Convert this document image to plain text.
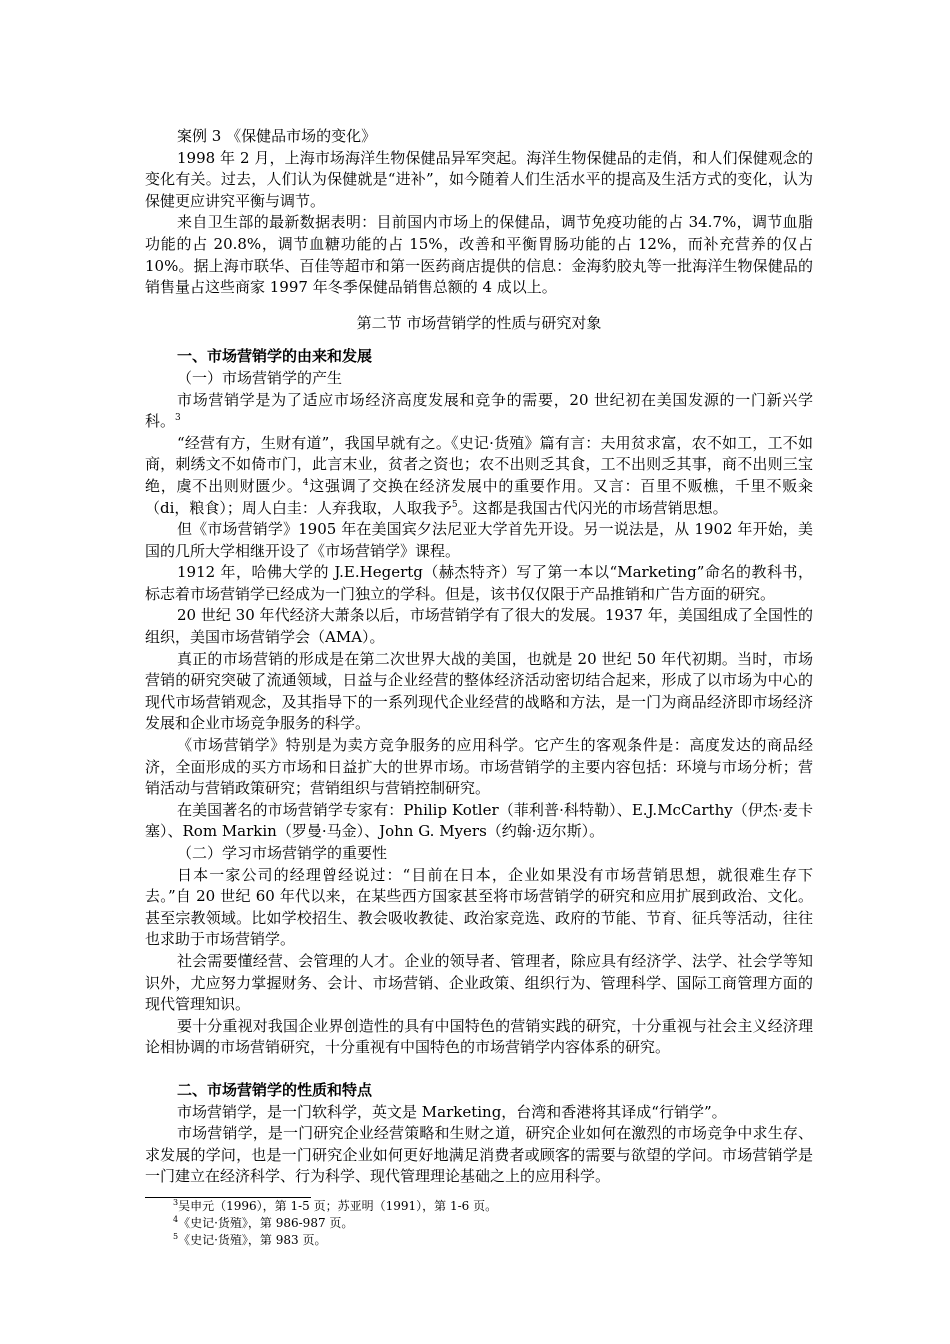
案例 3 《保健品市场的变化》

1998 年 2 月，上海市场海洋生物保健品异军突起。海洋生物保健品的走俏，和人们保健观念的变化有关。过去，人们认为保健就是“进补”，如今随着人们生活水平的提高及生活方式的变化，认为保健更应讲究平衡与调节。

来自卫生部的最新数据表明：目前国内市场上的保健品，调节免疫功能的占 34.7%，调节血脂功能的占 20.8%，调节血糖功能的占 15%，改善和平衡胃肠功能的占 12%，而补充营养的仅占 10%。据上海市联华、百佳等超市和第一医药商店提供的信息：金海豹胶丸等一批海洋生物保健品的销售量占这些商家 1997 年冬季保健品销售总额的 4 成以上。

第二节 市场营销学的性质与研究对象

一、市场营销学的由来和发展

（一）市场营销学的产生

市场营销学是为了适应市场经济高度发展和竞争的需要，20 世纪初在美国发源的一门新兴学科。$^3$

“经营有方，生财有道”，我国早就有之。《史记·货殖》篇有言：夫用贫求富，农不如工，工不如商，刺绣文不如倚市门，此言末业，贫者之资也；农不出则乏其食，工不出则乏其事，商不出则三宝绝，虞不出则财匮少。$^4$这强调了交换在经济发展中的重要作用。又言：百里不贩樵，千里不贩籴（di，粮食）；周人白圭：人弃我取，人取我予$^5$。这都是我国古代闪光的市场营销思想。

但《市场营销学》1905 年在美国宾夕法尼亚大学首先开设。另一说法是，从 1902 年开始，美国的几所大学相继开设了《市场营销学》课程。

1912 年，哈佛大学的 J.E.Hegertg（赫杰特齐）写了第一本以“Marketing”命名的教科书，标志着市场营销学已经成为一门独立的学科。但是，该书仅仅限于产品推销和广告方面的研究。

20 世纪 30 年代经济大萧条以后，市场营销学有了很大的发展。1937 年，美国组成了全国性的组织，美国市场营销学会（AMA）。

真正的市场营销的形成是在第二次世界大战的美国，也就是 20 世纪 50 年代初期。当时，市场营销的研究突破了流通领域，日益与企业经营的整体经济活动密切结合起来，形成了以市场为中心的现代市场营销观念，及其指导下的一系列现代企业经营的战略和方法，是一门为商品经济即市场经济发展和企业市场竞争服务的科学。

《市场营销学》特别是为卖方竞争服务的应用科学。它产生的客观条件是：高度发达的商品经济，全面形成的买方市场和日益扩大的世界市场。市场营销学的主要内容包括：环境与市场分析；营销活动与营销政策研究；营销组织与营销控制研究。

在美国著名的市场营销学专家有：Philip Kotler（菲利普·科特勒）、E.J.McCarthy（伊杰·麦卡塞）、Rom Markin（罗曼·马金）、John G. Myers（约翰·迈尔斯）。

（二）学习市场营销学的重要性

日本一家公司的经理曾经说过：“目前在日本，企业如果没有市场营销思想，就很难生存下去。”自 20 世纪 60 年代以来，在某些西方国家甚至将市场营销学的研究和应用扩展到政治、文化。甚至宗教领域。比如学校招生、教会吸收教徒、政治家竞选、政府的节能、节育、征兵等活动，往往也求助于市场营销学。

社会需要懂经营、会管理的人才。企业的领导者、管理者，除应具有经济学、法学、社会学等知识外，尤应努力掌握财务、会计、市场营销、企业政策、组织行为、管理科学、国际工商管理方面的现代管理知识。

要十分重视对我国企业界创造性的具有中国特色的营销实践的研究，十分重视与社会主义经济理论相协调的市场营销研究，十分重视有中国特色的市场营销学内容体系的研究。

二、市场营销学的性质和特点

市场营销学，是一门软科学，英文是 Marketing，台湾和香港将其译成“行销学”。

市场营销学，是一门研究企业经营策略和生财之道，研究企业如何在激烈的市场竞争中求生存、求发展的学问，也是一门研究企业如何更好地满足消费者或顾客的需要与欲望的学问。市场营销学是一门建立在经济科学、行为科学、现代管理理论基础之上的应用科学。

$^3$吴申元（1996），第 1-5 页；苏亚明（1991），第 1-6 页。

$^4$《史记·货殖》，第 986-987 页。

$^5$《史记·货殖》，第 983 页。
